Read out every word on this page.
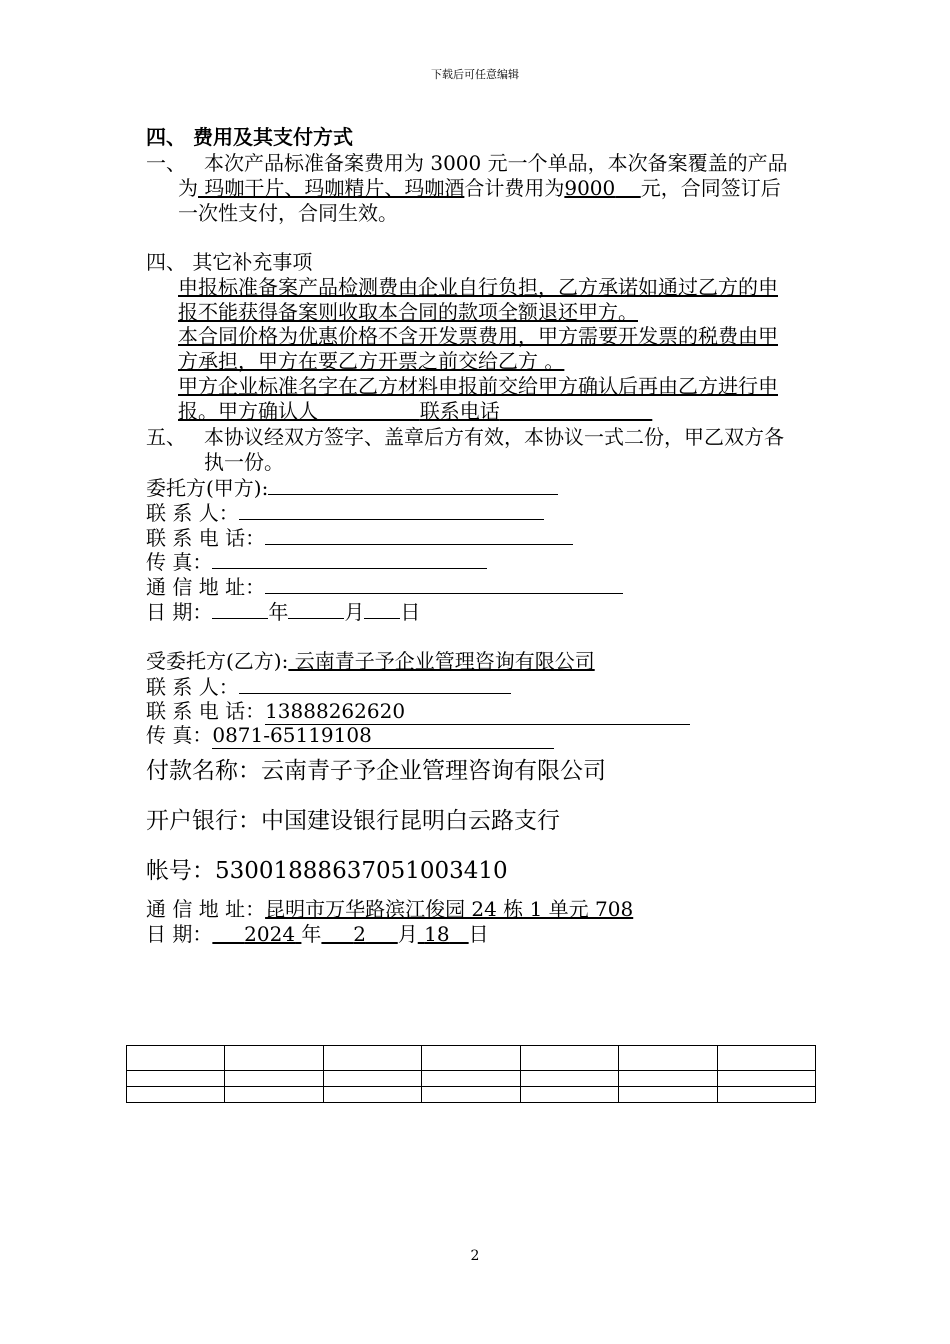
下载后可任意编辑
四、 费用及其支付方式
一、 本次产品标准备案费用为 3000 元一个单品，本次备案覆盖的产品
为 玛咖干片、玛咖精片、玛咖酒合计费用为9000 元，合同签订后
一次性支付，合同生效。
四、 其它补充事项
申报标准备案产品检测费由企业自行负担，乙方承诺如通过乙方的申
报不能获得备案则收取本合同的款项全额退还甲方。
本合同价格为优惠价格不含开发票费用，甲方需要开发票的税费由甲
方承担，甲方在要乙方开票之前交给乙方 。
甲方企业标准名字在乙方材料申报前交给甲方确认后再由乙方进行申
报。甲方确认人	联系电话
五、 本协议经双方签字、盖章后方有效，本协议一式二份，甲乙双方各
执一份。
委托方(甲方):
联 系 人：
联 系 电 话：
传 真：
通 信 地 址：
日 期：	年	月 日
受委托方(乙方): 云南青子予企业管理咨询有限公司
联 系 人：
联 系 电 话：13888262620
传 真：0871-65119108
付款名称：云南青子予企业管理咨询有限公司
开户银行：中国建设银行昆明白云路支行
帐号：53001888637051003410
通 信 地 址：昆明市万华路滨江俊园 24 栋 1 单元 708
日 期： 2024 年 2 月 18 日

2
